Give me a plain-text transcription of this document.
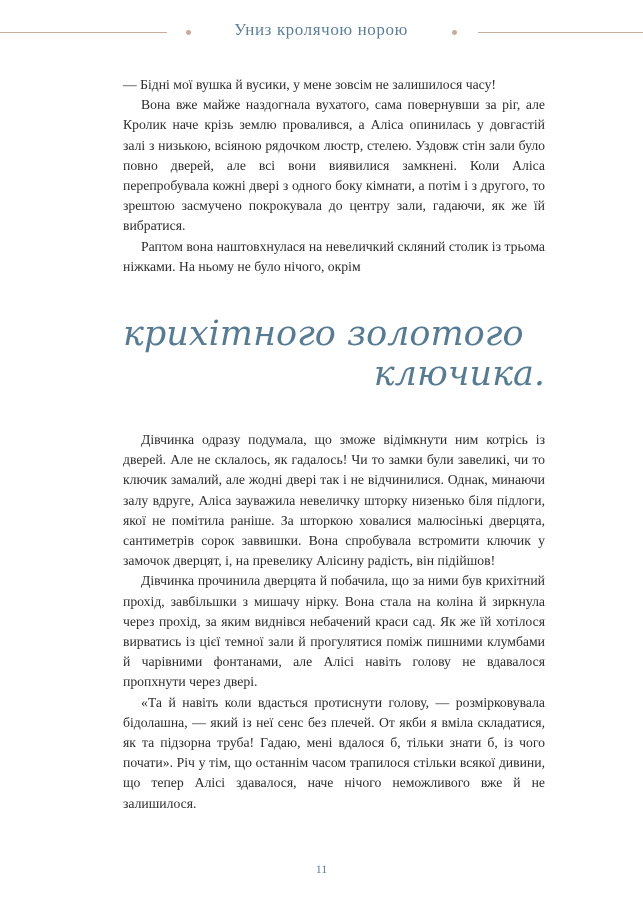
Униз кролячою норою

— Бідні мої вушка й вусики, у мене зовсім не залишилося часу!

Вона вже майже наздогнала вухатого, сама повернувши за ріг, але Кролик наче крізь землю провалився, а Аліса опинилась у довгастій залі з низькою, всіяною рядочком люстр, стелею. Уздовж стін зали було повно дверей, але всі вони виявилися замкнені. Коли Аліса перепробувала кожні двері з одного боку кімнати, а потім і з другого, то зрештою засмучено покрокувала до центру зали, гадаючи, як же їй вибратися.

Раптом вона наштовхнулася на невеличкий скляний столик із трьома ніжками. На ньому не було нічого, окрім

крихітного золотого
ключика.

Дівчинка одразу подумала, що зможе відімкнути ним котрісь із дверей. Але не склалось, як гадалось! Чи то замки були завеликі, чи то ключик замалий, але жодні двері так і не відчинилися. Однак, минаючи залу вдруге, Аліса зауважила невеличку шторку низенько біля підлоги, якої не помітила раніше. За шторкою ховалися малюсінькі дверцята, сантиметрів сорок заввишки. Вона спробувала встромити ключик у замочок дверцят, і, на превелику Алісину радість, він підійшов!

Дівчинка прочинила дверцята й побачила, що за ними був крихітний прохід, завбільшки з мишачу нірку. Вона стала на коліна й зиркнула через прохід, за яким виднівся небачений краси сад. Як же їй хотілося вирватись із цієї темної зали й прогулятися поміж пишними клумбами й чарівними фонтанами, але Алісі навіть голову не вдавалося пропхнути через двері.

«Та й навіть коли вдасться протиснути голову, — розмірковувала бідолашна, — який із неї сенс без плечей. От якби я вміла складатися, як та підзорна труба! Гадаю, мені вдалося б, тільки знати б, із чого почати». Річ у тім, що останнім часом трапилося стільки всякої дивини, що тепер Алісі здавалося, наче нічого неможливого вже й не залишилося.

11
